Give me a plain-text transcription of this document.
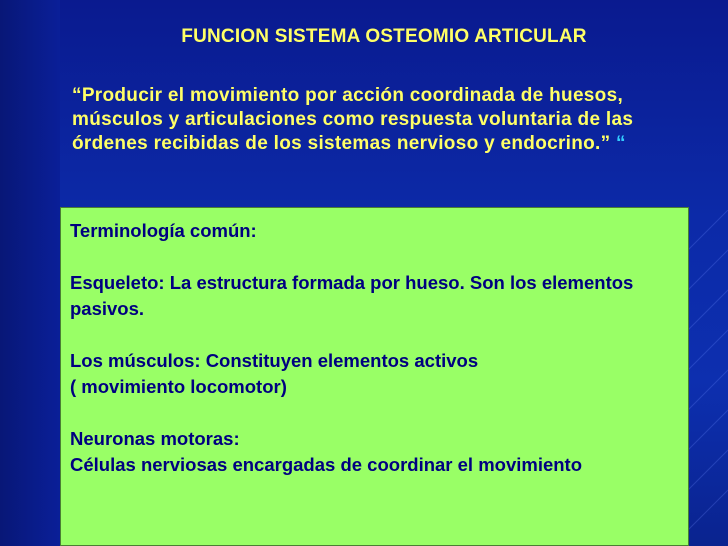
FUNCION SISTEMA OSTEOMIO ARTICULAR
“Producir el movimiento por acción coordinada de huesos, músculos y articulaciones como respuesta voluntaria de las órdenes recibidas de los sistemas nervioso y endocrino.” “

Terminología común:

Esqueleto: La estructura formada por hueso. Son los elementos pasivos.

Los músculos: Constituyen elementos activos

( movimiento locomotor)

Neuronas motoras:

Células nerviosas encargadas de coordinar el movimiento
